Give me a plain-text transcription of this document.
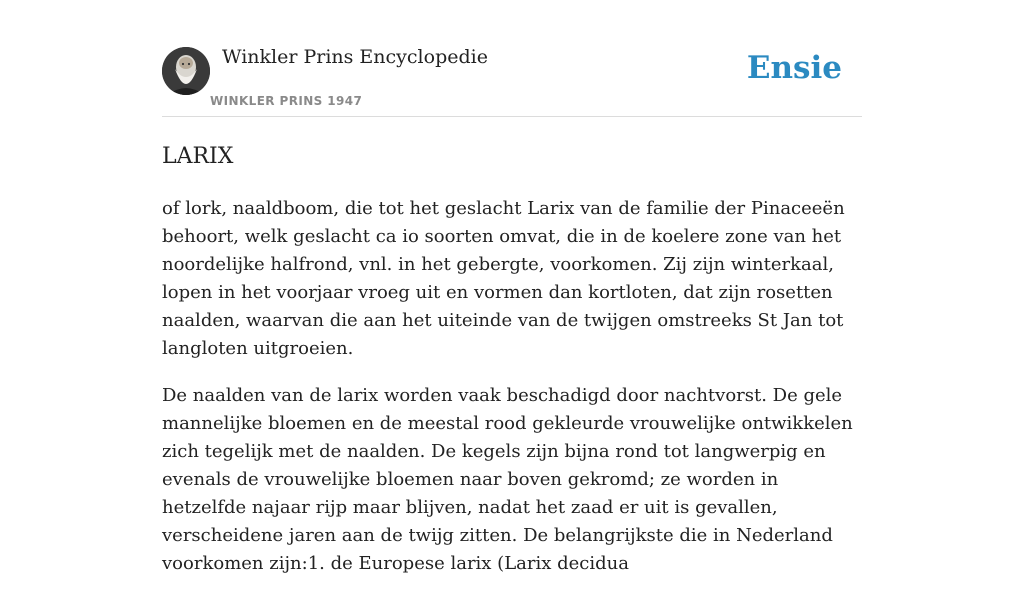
Winkler Prins Encyclopedie
WINKLER PRINS 1947
Ensie
LARIX

of lork, naaldboom, die tot het geslacht Larix van de familie der Pinaceeën behoort, welk geslacht ca io soorten omvat, die in de koelere zone van het noordelijke halfrond, vnl. in het gebergte, voorkomen. Zij zijn winterkaal, lopen in het voorjaar vroeg uit en vormen dan kortloten, dat zijn rosetten naalden, waarvan die aan het uiteinde van de twijgen omstreeks St Jan tot langloten uitgroeien.

De naalden van de larix worden vaak beschadigd door nachtvorst. De gele mannelijke bloemen en de meestal rood gekleurde vrouwelijke ontwikkelen zich tegelijk met de naalden. De kegels zijn bijna rond tot langwerpig en evenals de vrouwelijke bloemen naar boven gekromd; ze worden in hetzelfde najaar rijp maar blijven, nadat het zaad er uit is gevallen, verscheidene jaren aan de twijg zitten. De belangrijkste die in Nederland voorkomen zijn:1. de Europese larix (Larix decidua
